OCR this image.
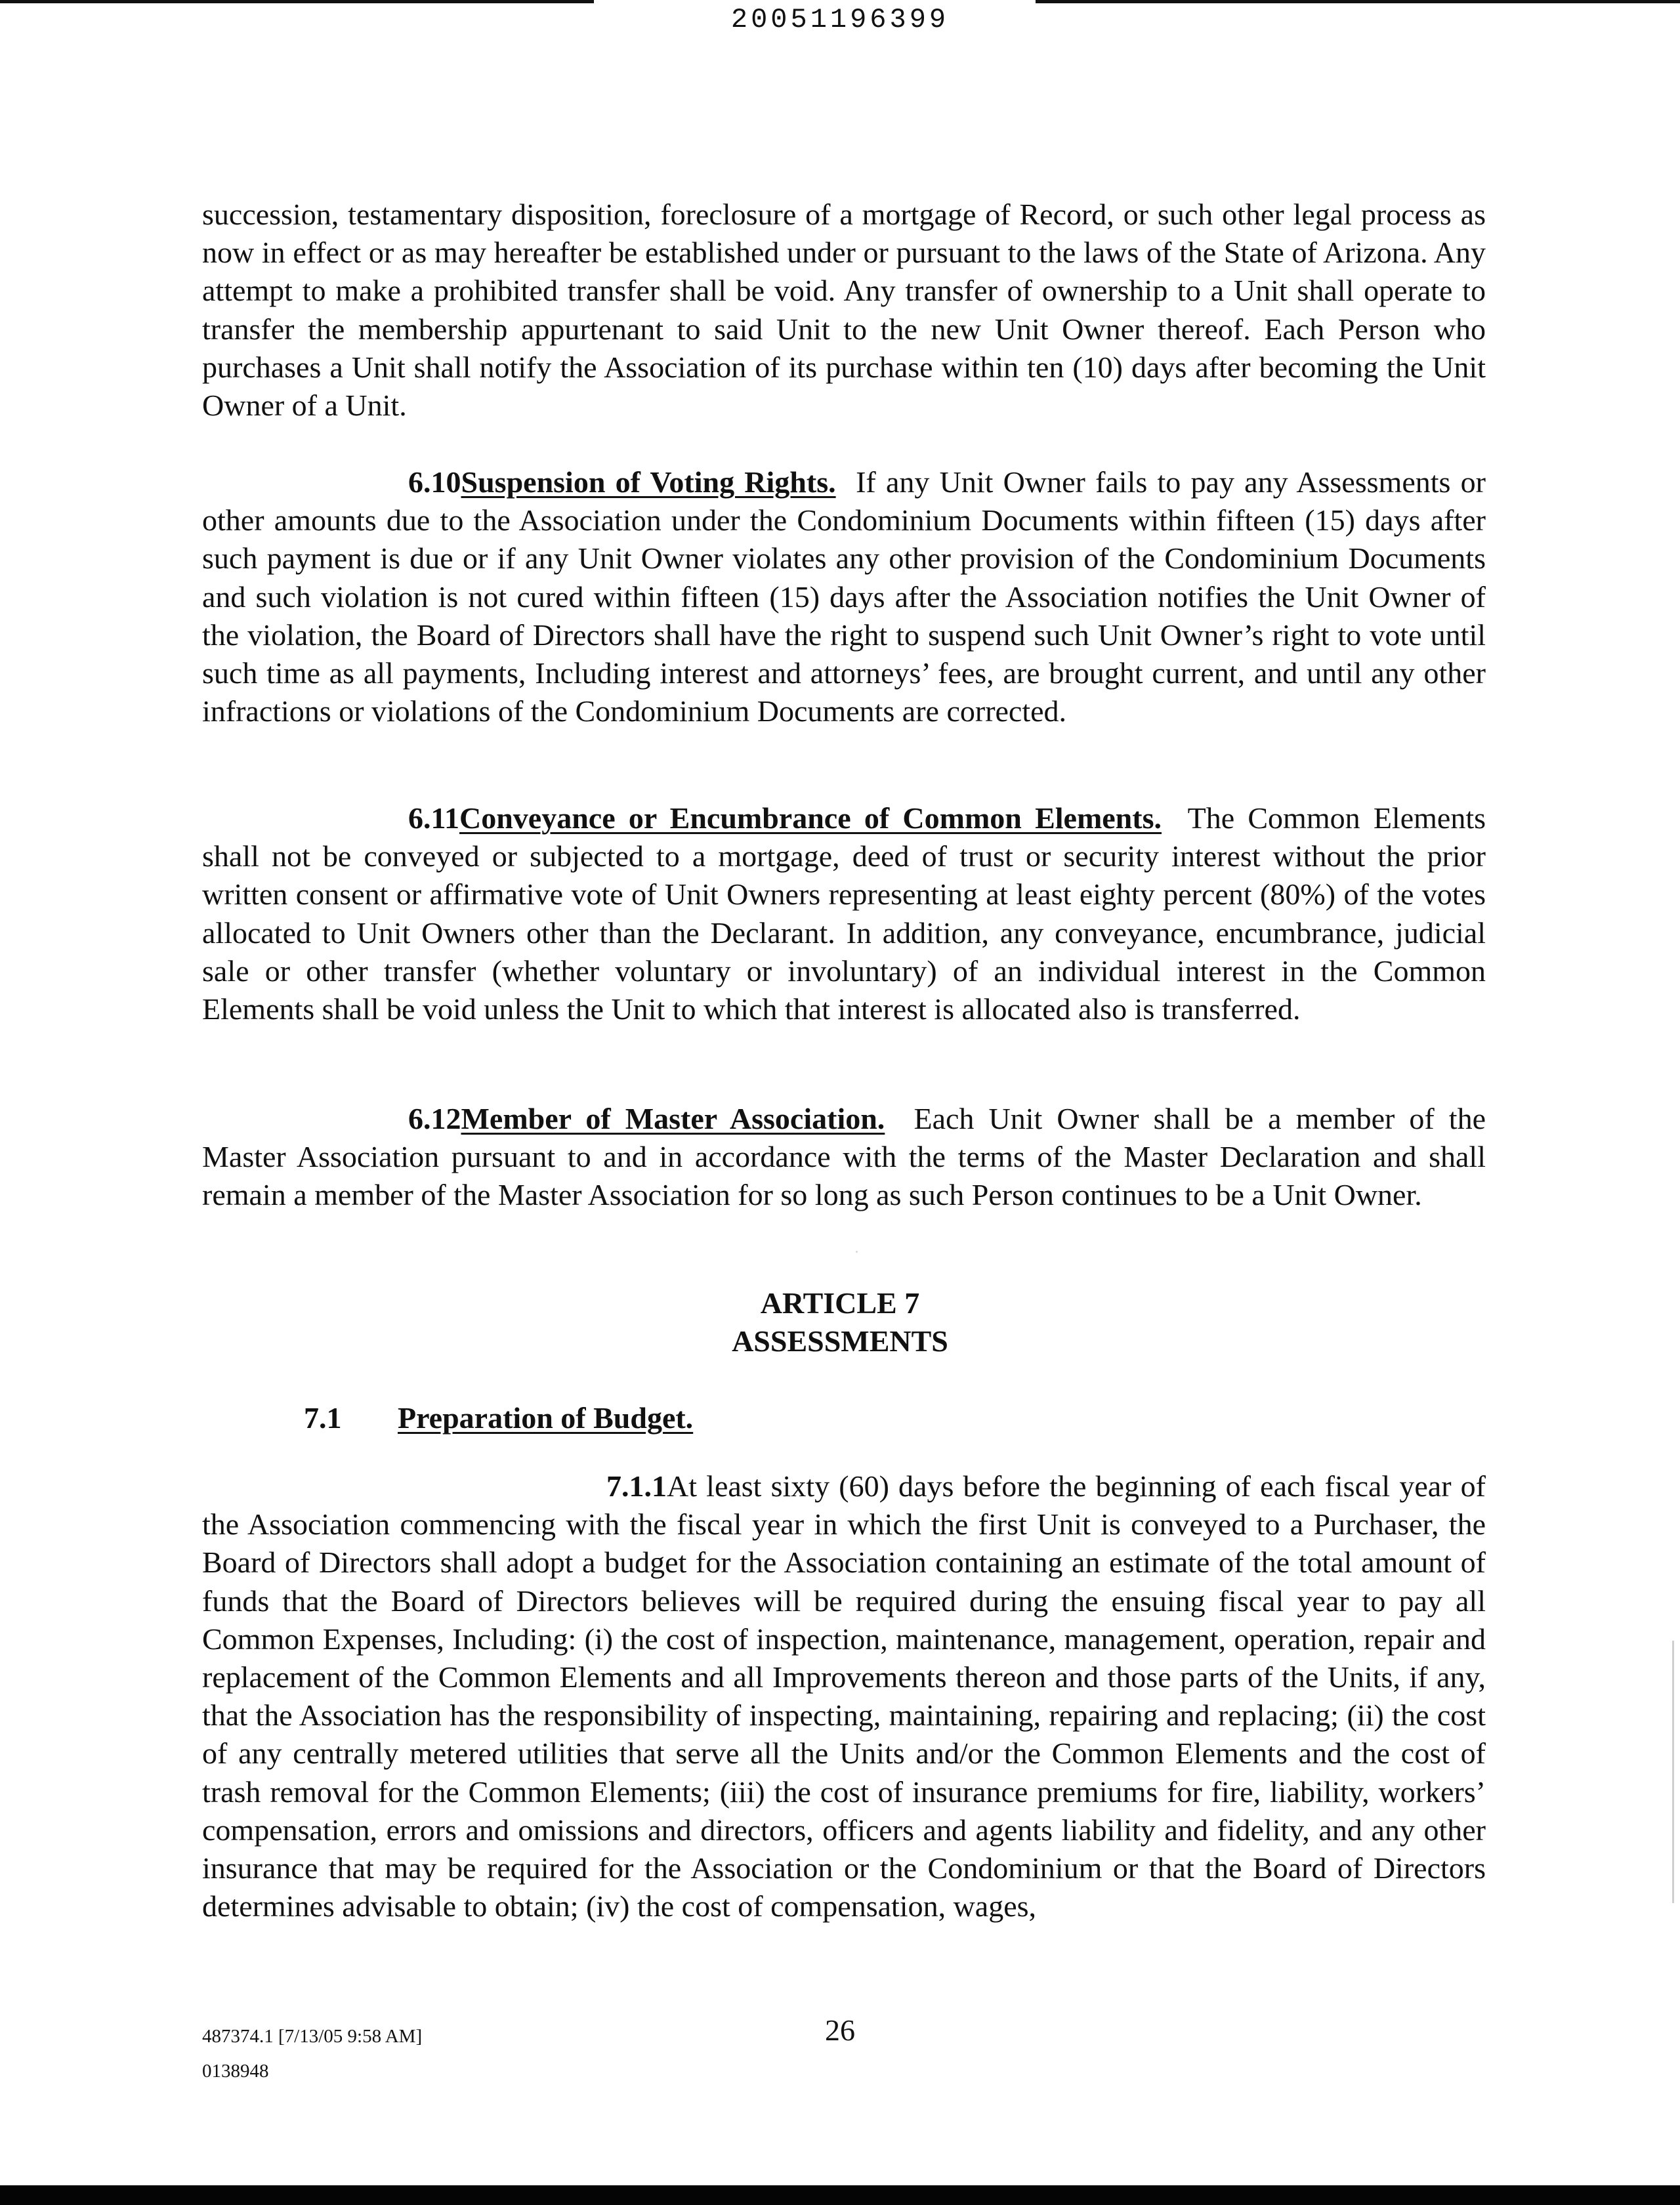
20051196399

succession, testamentary disposition, foreclosure of a mortgage of Record, or such other legal process as now in effect or as may hereafter be established under or pursuant to the laws of the State of Arizona. Any attempt to make a prohibited transfer shall be void. Any transfer of ownership to a Unit shall operate to transfer the membership appurtenant to said Unit to the new Unit Owner thereof. Each Person who purchases a Unit shall notify the Association of its purchase within ten (10) days after becoming the Unit Owner of a Unit.

6.10Suspension of Voting Rights. If any Unit Owner fails to pay any Assessments or other amounts due to the Association under the Condominium Documents within fifteen (15) days after such payment is due or if any Unit Owner violates any other provision of the Condominium Documents and such violation is not cured within fifteen (15) days after the Association notifies the Unit Owner of the violation, the Board of Directors shall have the right to suspend such Unit Owner’s right to vote until such time as all payments, Including interest and attorneys’ fees, are brought current, and until any other infractions or violations of the Condominium Documents are corrected.

6.11Conveyance or Encumbrance of Common Elements. The Common Elements shall not be conveyed or subjected to a mortgage, deed of trust or security interest without the prior written consent or affirmative vote of Unit Owners representing at least eighty percent (80%) of the votes allocated to Unit Owners other than the Declarant. In addition, any conveyance, encumbrance, judicial sale or other transfer (whether voluntary or involuntary) of an individual interest in the Common Elements shall be void unless the Unit to which that interest is allocated also is transferred.

6.12Member of Master Association. Each Unit Owner shall be a member of the Master Association pursuant to and in accordance with the terms of the Master Declaration and shall remain a member of the Master Association for so long as such Person continues to be a Unit Owner.

ARTICLE 7
ASSESSMENTS
7.1 Preparation of Budget.

7.1.1At least sixty (60) days before the beginning of each fiscal year of the Association commencing with the fiscal year in which the first Unit is conveyed to a Purchaser, the Board of Directors shall adopt a budget for the Association containing an estimate of the total amount of funds that the Board of Directors believes will be required during the ensuing fiscal year to pay all Common Expenses, Including: (i) the cost of inspection, maintenance, management, operation, repair and replacement of the Common Elements and all Improvements thereon and those parts of the Units, if any, that the Association has the responsibility of inspecting, maintaining, repairing and replacing; (ii) the cost of any centrally metered utilities that serve all the Units and/or the Common Elements and the cost of trash removal for the Common Elements; (iii) the cost of insurance premiums for fire, liability, workers’ compensation, errors and omissions and directors, officers and agents liability and fidelity, and any other insurance that may be required for the Association or the Condominium or that the Board of Directors determines advisable to obtain; (iv) the cost of compensation, wages,

487374.1 [7/13/05 9:58 AM]
0138948
26
